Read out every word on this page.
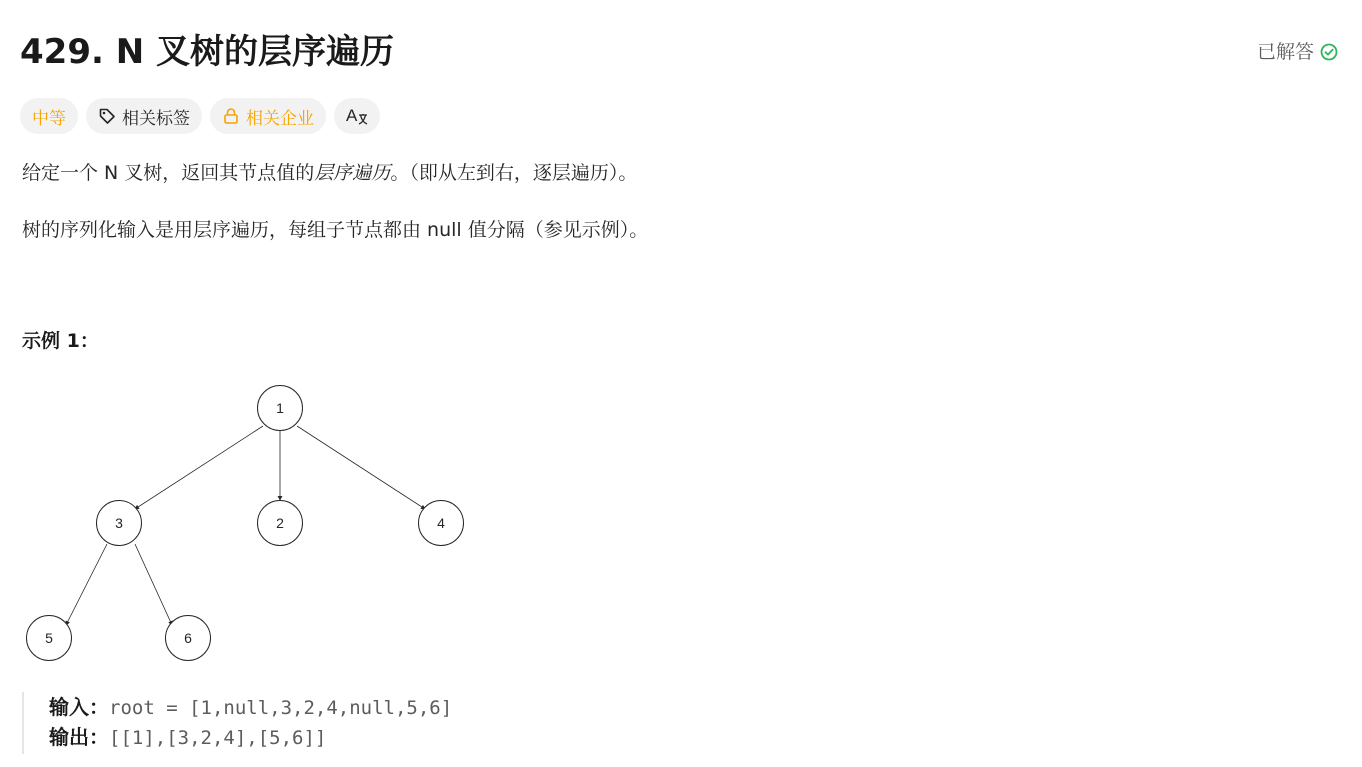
429. N 叉树的层序遍历	已解答
中等	相关标签	相关企业 A
给定一个 N 叉树，返回其节点值的层序遍历。（即从左到右，逐层遍历）。
树的序列化输入是用层序遍历，每组子节点都由 null 值分隔（参见示例）。
示例 1：
1
3	2	4
5	6
输入：root = [1,null,3,2,4,null,5,6]
输出：[[1],[3,2,4],[5,6]]
